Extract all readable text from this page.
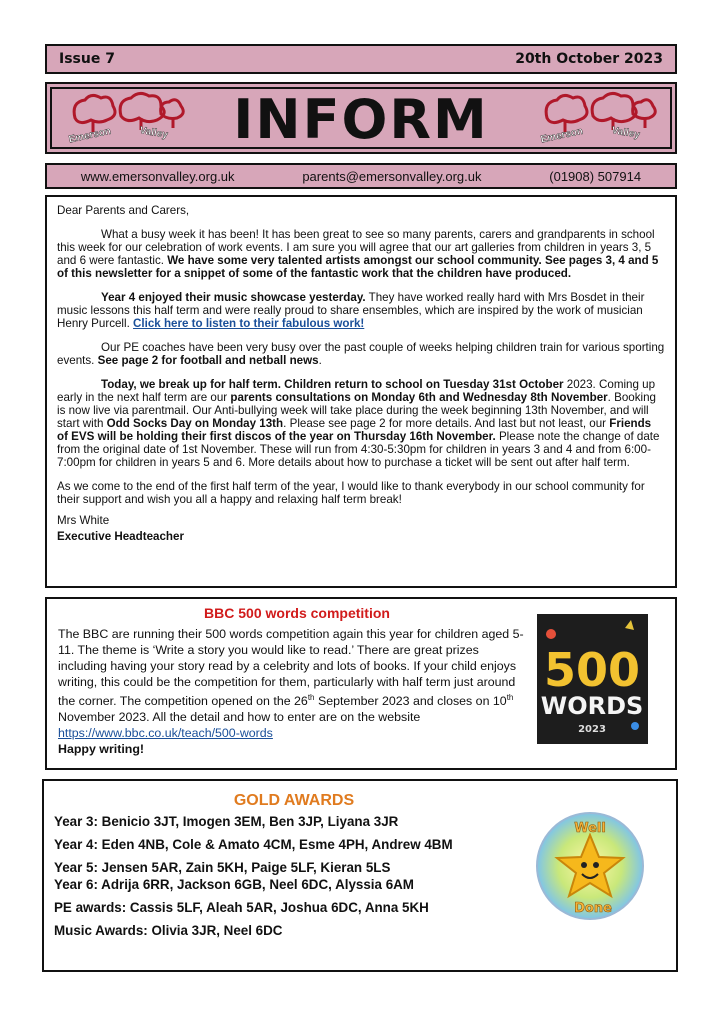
Issue 7	20th October 2023
Emerson	Valley	INFORM	Emerson	Valley
www.emersonvalley.org.uk	parents@emersonvalley.org.uk	(01908) 507914

Dear Parents and Carers,

What a busy week it has been! It has been great to see so many parents, carers and grandparents in school this week for our celebration of work events. I am sure you will agree that our art galleries from children in years 3, 5 and 6 were fantastic. We have some very talented artists amongst our school community. See pages 3, 4 and 5 of this newsletter for a snippet of some of the fantastic work that the children have produced.

Year 4 enjoyed their music showcase yesterday. They have worked really hard with Mrs Bosdet in their music lessons this half term and were really proud to share ensembles, which are inspired by the work of musician Henry Purcell. Click here to listen to their fabulous work!

Our PE coaches have been very busy over the past couple of weeks helping children train for various sporting events. See page 2 for football and netball news.

Today, we break up for half term. Children return to school on Tuesday 31st October 2023. Coming up early in the next half term are our parents consultations on Monday 6th and Wednesday 8th November. Booking is now live via parentmail. Our Anti-bullying week will take place during the week beginning 13th November, and will start with Odd Socks Day on Monday 13th. Please see page 2 for more details. And last but not least, our Friends of EVS will be holding their first discos of the year on Thursday 16th November. Please note the change of date from the original date of 1st November. These will run from 4:30-5:30pm for children in years 3 and 4 and from 6:00-7:00pm for children in years 5 and 6. More details about how to purchase a ticket will be sent out after half term.

As we come to the end of the first half term of the year, I would like to thank everybody in our school community for their support and wish you all a happy and relaxing half term break!

Mrs White
Executive Headteacher
BBC 500 words competition
The BBC are running their 500 words competition again this year for children aged 5-11. The theme is ‘Write a story you would like to read.’ There are great prizes including having your story read by a celebrity and lots of books. If your child enjoys writing, this could be the competition for them, particularly with half term just around the corner. The competition opened on the 26th September 2023 and closes on 10th November 2023. All the detail and how to enter are on the website https://www.bbc.co.uk/teach/500-words
Happy writing!
500
WORDS
2023
GOLD AWARDS
Year 3: Benicio 3JT, Imogen 3EM, Ben 3JP, Liyana 3JR
Year 4: Eden 4NB, Cole & Amato 4CM, Esme 4PH, Andrew 4BM
Year 5: Jensen 5AR, Zain 5KH, Paige 5LF, Kieran 5LS
Year 6: Adrija 6RR, Jackson 6GB, Neel 6DC, Alyssia 6AM
PE awards: Cassis 5LF, Aleah 5AR, Joshua 6DC, Anna 5KH
Music Awards: Olivia 3JR, Neel 6DC
Well
Done
